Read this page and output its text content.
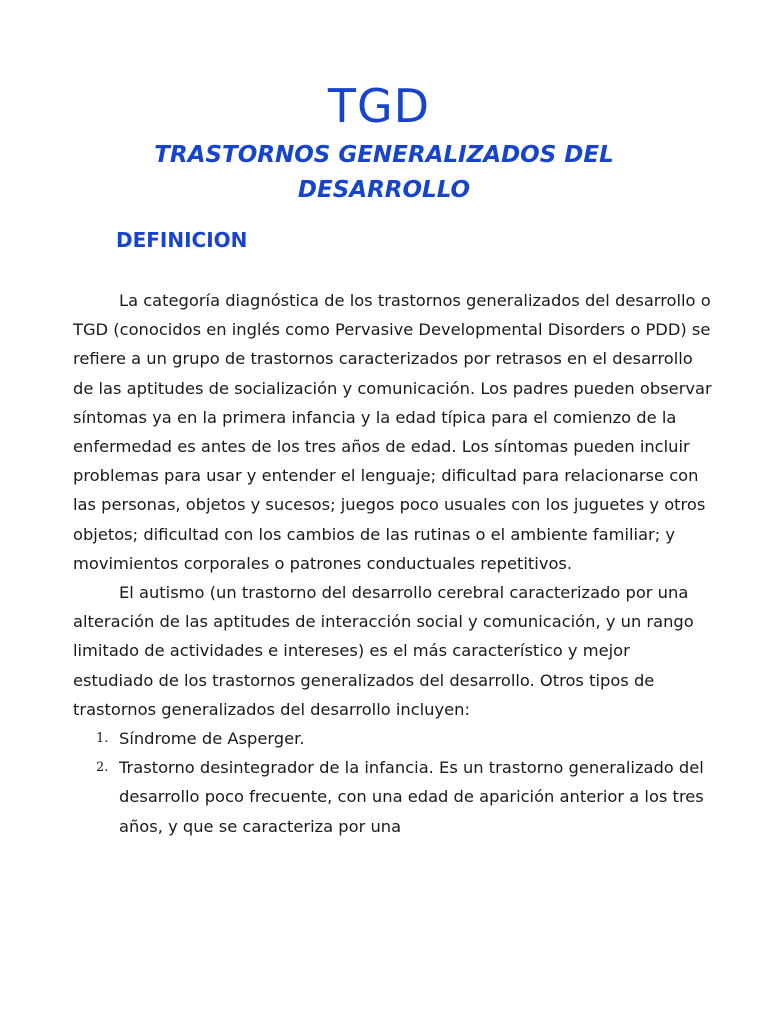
TGD
TRASTORNOS GENERALIZADOS DEL
DESARROLLO
DEFINICION

La categoría diagnóstica de los trastornos generalizados del desarrollo o TGD (conocidos en inglés como Pervasive Developmental Disorders o PDD) se refiere a un grupo de trastornos caracterizados por retrasos en el desarrollo de las aptitudes de socialización y comunicación. Los padres pueden observar síntomas ya en la primera infancia y la edad típica para el comienzo de la enfermedad es antes de los tres años de edad. Los síntomas pueden incluir problemas para usar y entender el lenguaje; dificultad para relacionarse con las personas, objetos y sucesos; juegos poco usuales con los juguetes y otros objetos; dificultad con los cambios de las rutinas o el ambiente familiar; y movimientos corporales o patrones conductuales repetitivos.

El autismo (un trastorno del desarrollo cerebral caracterizado por una alteración de las aptitudes de interacción social y comunicación, y un rango limitado de actividades e intereses) es el más característico y mejor estudiado de los trastornos generalizados del desarrollo. Otros tipos de trastornos generalizados del desarrollo incluyen:

1. Síndrome de Asperger.
2. Trastorno desintegrador de la infancia. Es un trastorno generalizado del desarrollo poco frecuente, con una edad de aparición anterior a los tres años, y que se caracteriza por una
